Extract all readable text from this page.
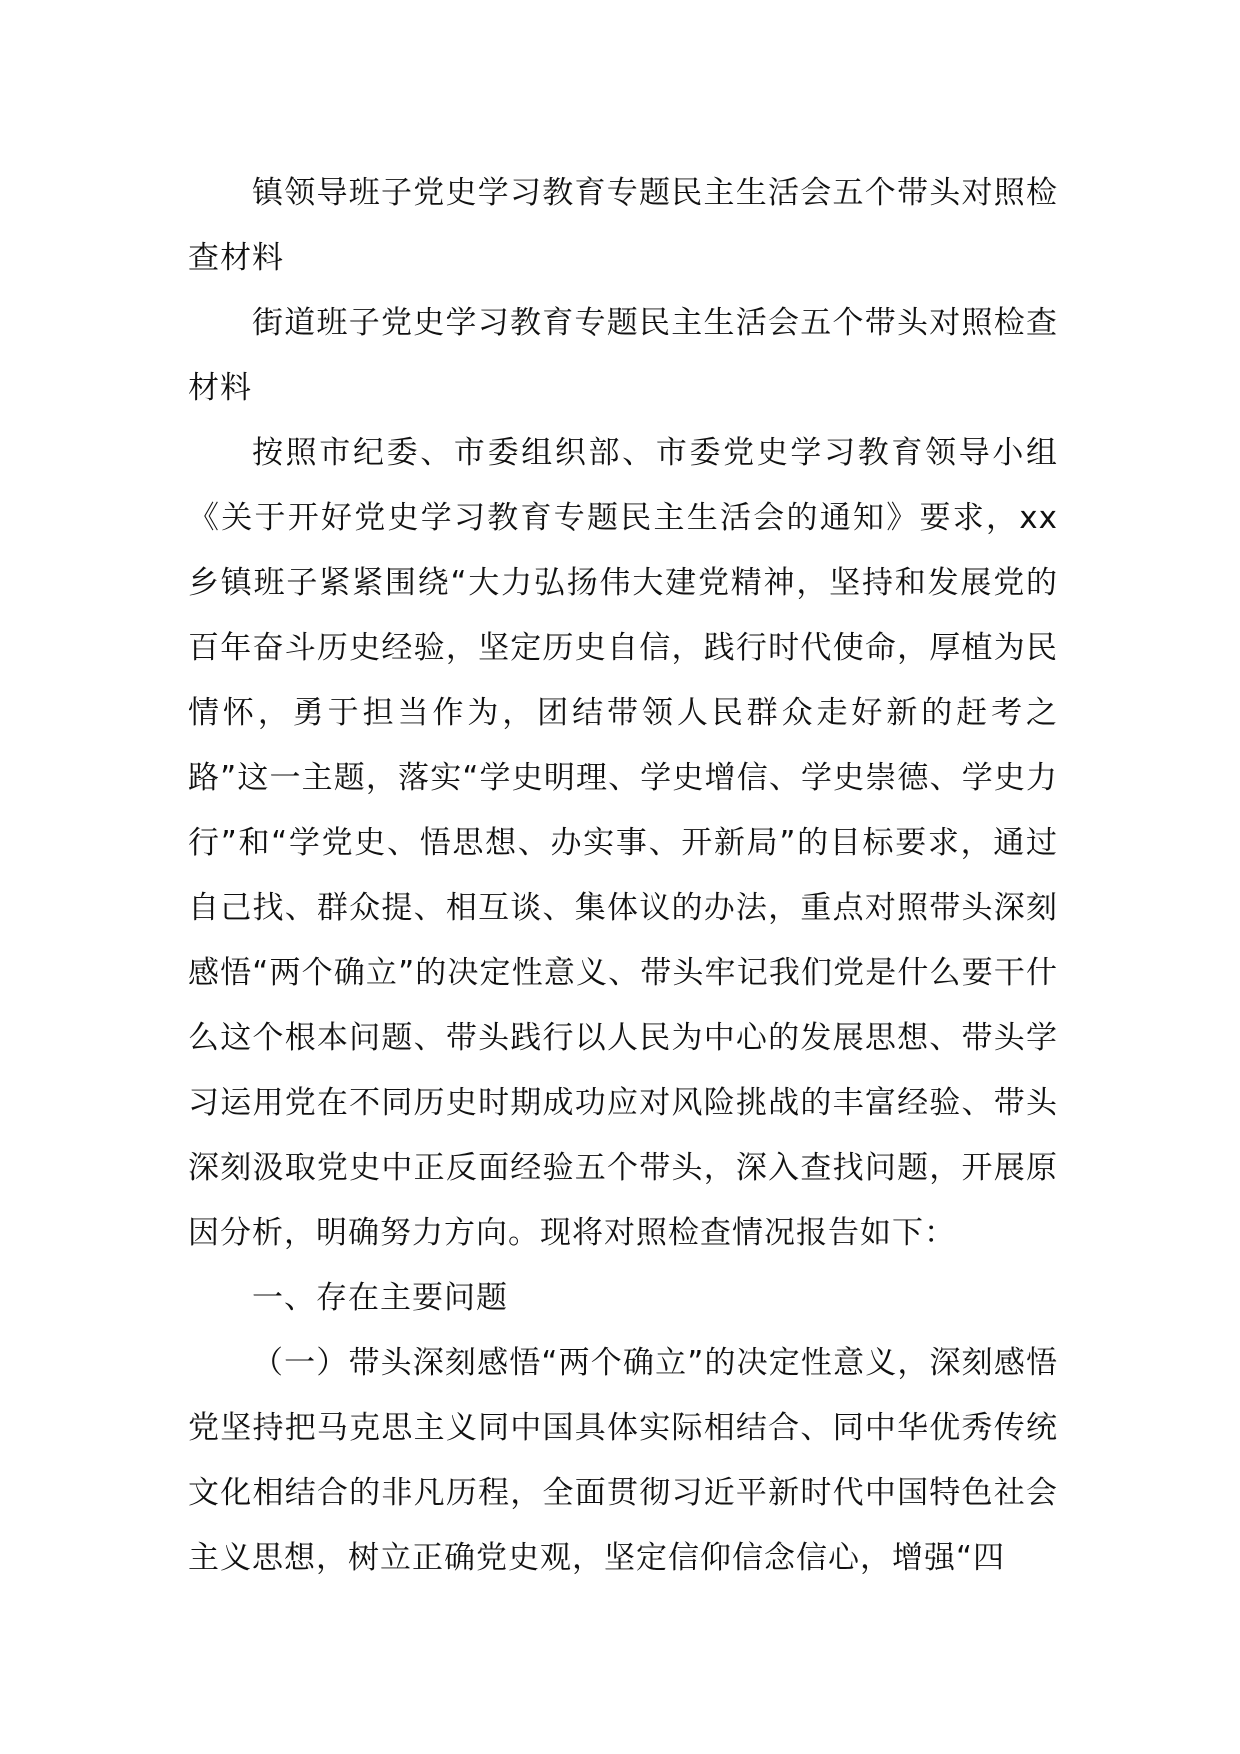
镇领导班子党史学习教育专题民主生活会五个带头对照检查材料

街道班子党史学习教育专题民主生活会五个带头对照检查材料

按照市纪委、市委组织部、市委党史学习教育领导小组《关于开好党史学习教育专题民主生活会的通知》要求，xx乡镇班子紧紧围绕“大力弘扬伟大建党精神，坚持和发展党的百年奋斗历史经验，坚定历史自信，践行时代使命，厚植为民情怀，勇于担当作为，团结带领人民群众走好新的赶考之路”这一主题，落实“学史明理、学史增信、学史崇德、学史力行”和“学党史、悟思想、办实事、开新局”的目标要求，通过自己找、群众提、相互谈、集体议的办法，重点对照带头深刻感悟“两个确立”的决定性意义、带头牢记我们党是什么要干什么这个根本问题、带头践行以人民为中心的发展思想、带头学习运用党在不同历史时期成功应对风险挑战的丰富经验、带头深刻汲取党史中正反面经验五个带头，深入查找问题，开展原因分析，明确努力方向。现将对照检查情况报告如下：

一、存在主要问题

（一）带头深刻感悟“两个确立”的决定性意义，深刻感悟党坚持把马克思主义同中国具体实际相结合、同中华优秀传统文化相结合的非凡历程，全面贯彻习近平新时代中国特色社会主义思想，树立正确党史观，坚定信仰信念信心，增强“四
